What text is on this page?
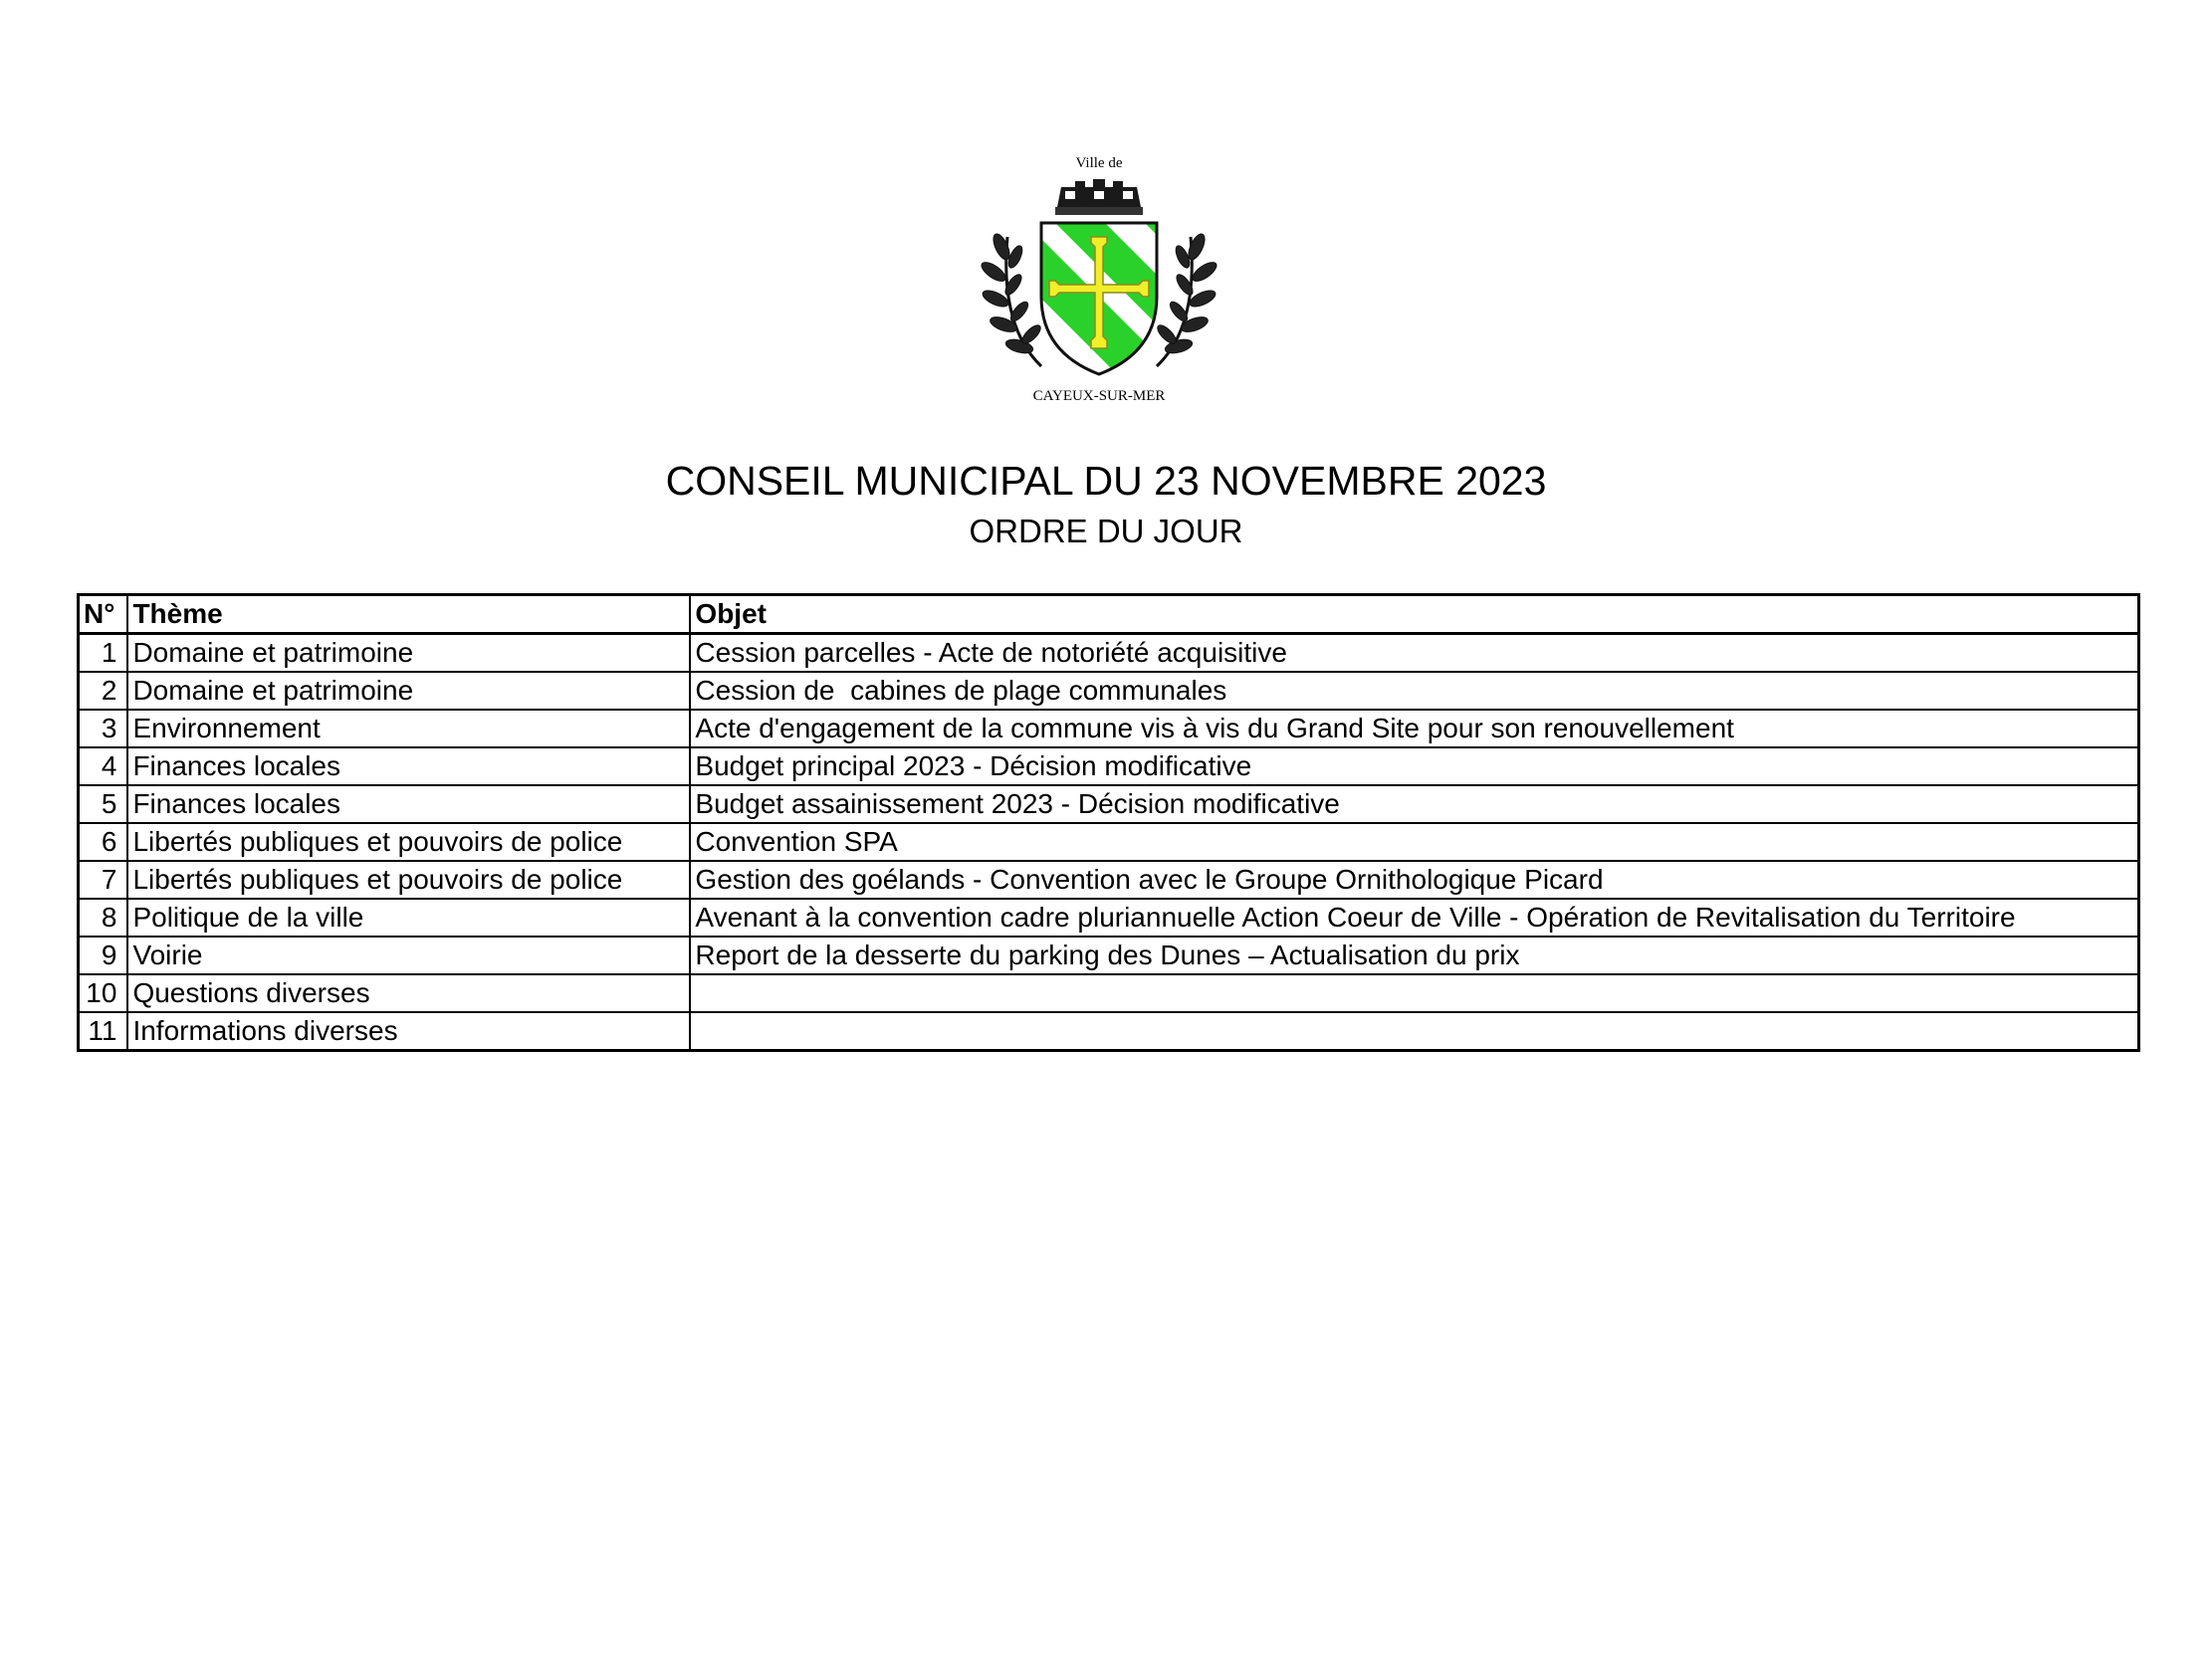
Ville de
CAYEUX-SUR-MER
CONSEIL MUNICIPAL DU 23 NOVEMBRE 2023
ORDRE DU JOUR
N°	Thème	Objet
1	Domaine et patrimoine	Cession parcelles - Acte de notoriété acquisitive
2	Domaine et patrimoine	Cession de  cabines de plage communales
3	Environnement	Acte d'engagement de la commune vis à vis du Grand Site pour son renouvellement
4	Finances locales	Budget principal 2023 - Décision modificative
5	Finances locales	Budget assainissement 2023 - Décision modificative
6	Libertés publiques et pouvoirs de police	Convention SPA
7	Libertés publiques et pouvoirs de police	Gestion des goélands - Convention avec le Groupe Ornithologique Picard
8	Politique de la ville	Avenant à la convention cadre pluriannuelle Action Coeur de Ville - Opération de Revitalisation du Territoire
9	Voirie	Report de la desserte du parking des Dunes – Actualisation du prix
10	Questions diverses	
11	Informations diverses	
